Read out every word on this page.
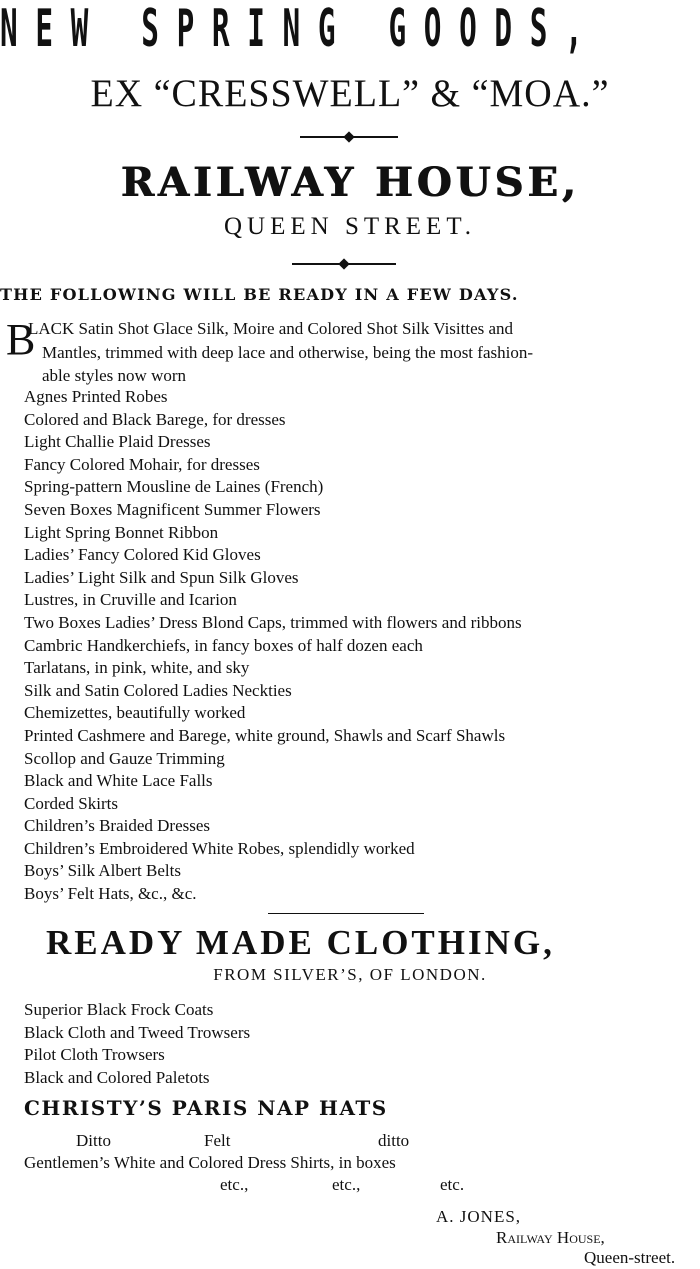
NEW SPRING GOODS,
EX “CRESSWELL” & “MOA.”
RAILWAY HOUSE,
QUEEN STREET.
THE FOLLOWING WILL BE READY IN A FEW DAYS.
B
LACK Satin Shot Glace Silk, Moire and Colored Shot Silk Visittes and
Mantles, trimmed with deep lace and otherwise, being the most fashion-
able styles now worn
Agnes Printed Robes
Colored and Black Barege, for dresses
Light Challie Plaid Dresses
Fancy Colored Mohair, for dresses
Spring-pattern Mousline de Laines (French)
Seven Boxes Magnificent Summer Flowers
Light Spring Bonnet Ribbon
Ladies’ Fancy Colored Kid Gloves
Ladies’ Light Silk and Spun Silk Gloves
Lustres, in Cruville and Icarion
Two Boxes Ladies’ Dress Blond Caps, trimmed with flowers and ribbons
Cambric Handkerchiefs, in fancy boxes of half dozen each
Tarlatans, in pink, white, and sky
Silk and Satin Colored Ladies Neckties
Chemizettes, beautifully worked
Printed Cashmere and Barege, white ground, Shawls and Scarf Shawls
Scollop and Gauze Trimming
Black and White Lace Falls
Corded Skirts
Children’s Braided Dresses
Children’s Embroidered White Robes, splendidly worked
Boys’ Silk Albert Belts
Boys’ Felt Hats, &c., &c.
READY MADE CLOTHING,
FROM SILVER’S, OF LONDON.
Superior Black Frock Coats
Black Cloth and Tweed Trowsers
Pilot Cloth Trowsers
Black and Colored Paletots
CHRISTY’S PARIS NAP HATS
Ditto	Felt	ditto
Gentlemen’s White and Colored Dress Shirts, in boxes
etc.,	etc.,	etc.
A. JONES,
Railway House,
Queen-street.
